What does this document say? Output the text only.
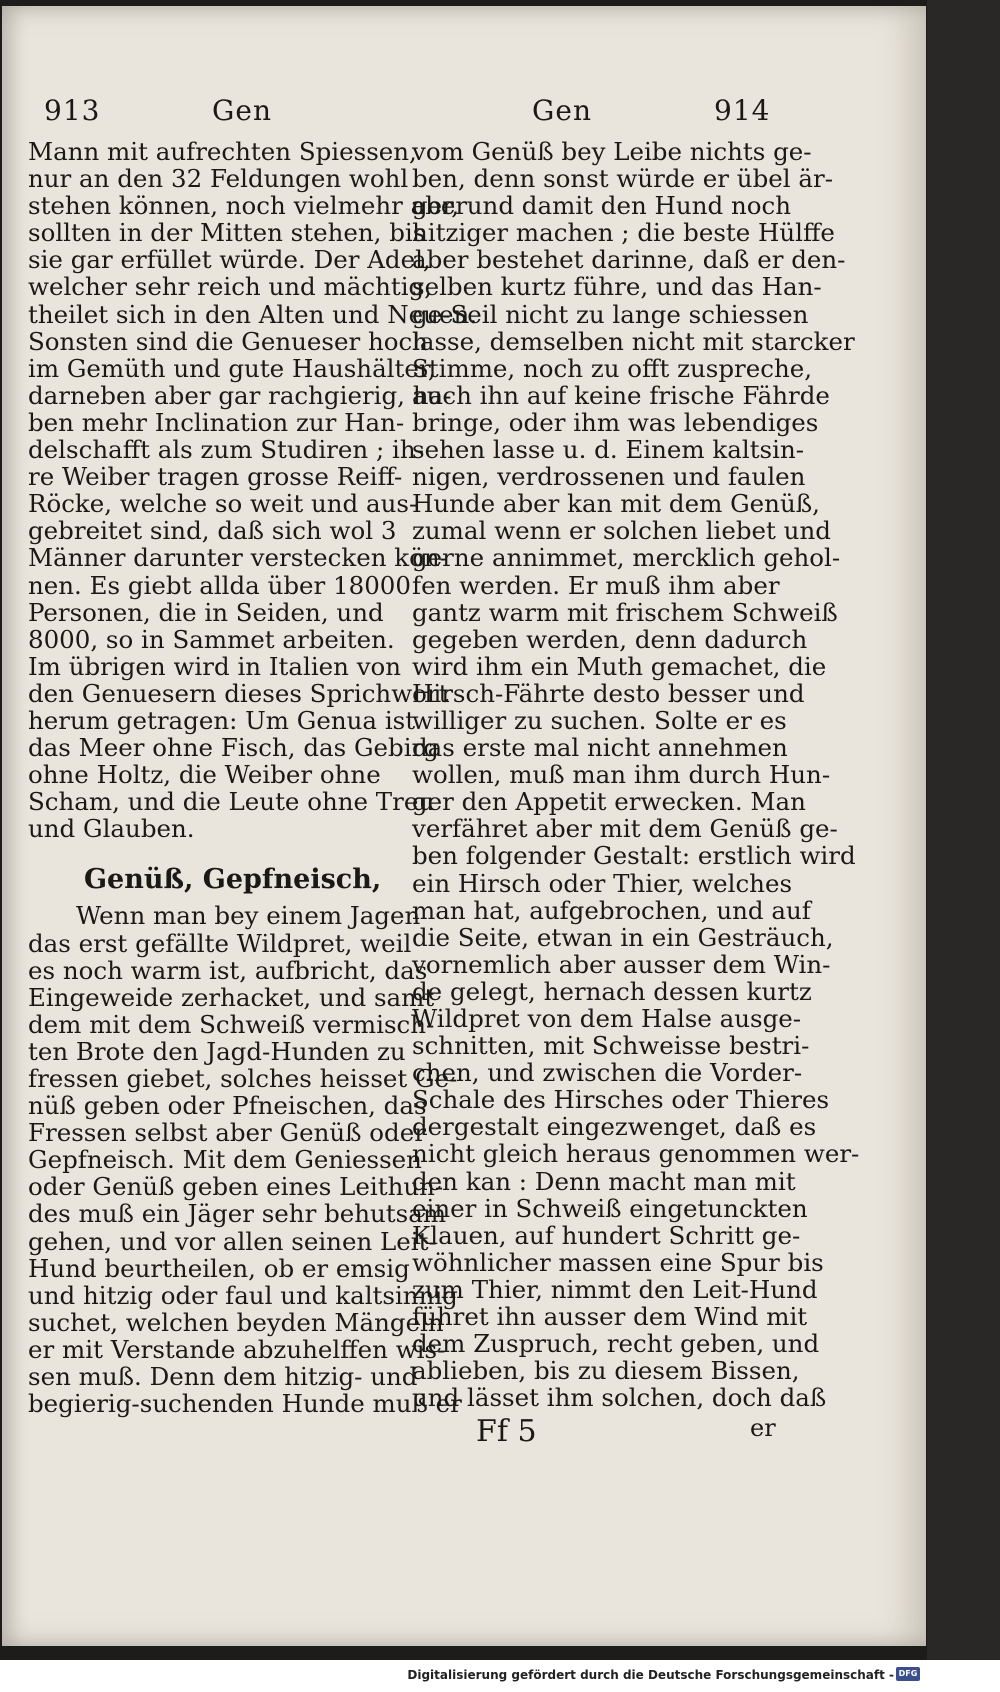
913	Gen	Gen	914
Mann mit aufrechten Spiessen,
nur an den 32 Feldungen wohl
stehen können, noch vielmehr aber
sollten in der Mitten stehen, bis
sie gar erfüllet würde. Der Adel,
welcher sehr reich und mächtig,
theilet sich in den Alten und Neuen.
Sonsten sind die Genueser hoch
im Gemüth und gute Haushälter,
darneben aber gar rachgierig, ha-
ben mehr Inclination zur Han-
delschafft als zum Studiren ; ih-
re Weiber tragen grosse Reiff-
Röcke, welche so weit und aus-
gebreitet sind, daß sich wol 3
Männer darunter verstecken kön-
nen. Es giebt allda über 18000
Personen, die in Seiden, und
8000, so in Sammet arbeiten.
Im übrigen wird in Italien von
den Genuesern dieses Sprichwort
herum getragen: Um Genua ist
das Meer ohne Fisch, das Gebirg
ohne Holtz, die Weiber ohne
Scham, und die Leute ohne Treu
und Glauben.
Genüß, Gepfneisch,
Wenn man bey einem Jagen
das erst gefällte Wildpret, weil
es noch warm ist, aufbricht, das
Eingeweide zerhacket, und samt
dem mit dem Schweiß vermisch-
ten Brote den Jagd-Hunden zu
fressen giebet, solches heisset Ge-
nüß geben oder Pfneischen, das
Fressen selbst aber Genüß oder
Gepfneisch. Mit dem Geniessen
oder Genüß geben eines Leithun-
des muß ein Jäger sehr behutsam
gehen, und vor allen seinen Leit-
Hund beurtheilen, ob er emsig
und hitzig oder faul und kaltsinnig
suchet, welchen beyden Mängeln
er mit Verstande abzuhelffen wis-
sen muß. Denn dem hitzig- und
begierig-suchenden Hunde muß er
vom Genüß bey Leibe nichts ge-
ben, denn sonst würde er übel är-
ger, und damit den Hund noch
hitziger machen ; die beste Hülffe
aber bestehet darinne, daß er den-
selben kurtz führe, und das Han-
ge-Seil nicht zu lange schiessen
lasse, demselben nicht mit starcker
Stimme, noch zu offt zuspreche,
auch ihn auf keine frische Fährde
bringe, oder ihm was lebendiges
sehen lasse u. d. Einem kaltsin-
nigen, verdrossenen und faulen
Hunde aber kan mit dem Genüß,
zumal wenn er solchen liebet und
gerne annimmet, mercklich gehol-
fen werden. Er muß ihm aber
gantz warm mit frischem Schweiß
gegeben werden, denn dadurch
wird ihm ein Muth gemachet, die
Hirsch-Fährte desto besser und
williger zu suchen. Solte er es
das erste mal nicht annehmen
wollen, muß man ihm durch Hun-
ger den Appetit erwecken. Man
verfähret aber mit dem Genüß ge-
ben folgender Gestalt: erstlich wird
ein Hirsch oder Thier, welches
man hat, aufgebrochen, und auf
die Seite, etwan in ein Gesträuch,
vornemlich aber ausser dem Win-
de gelegt, hernach dessen kurtz
Wildpret von dem Halse ausge-
schnitten, mit Schweisse bestri-
chen, und zwischen die Vorder-
Schale des Hirsches oder Thieres
dergestalt eingezwenget, daß es
nicht gleich heraus genommen wer-
den kan : Denn macht man mit
einer in Schweiß eingetunckten
Klauen, auf hundert Schritt ge-
wöhnlicher massen eine Spur bis
zum Thier, nimmt den Leit-Hund
führet ihn ausser dem Wind mit
dem Zuspruch, recht geben, und
ablieben, bis zu diesem Bissen,
und lässet ihm solchen, doch daß
Ff 5	er
Digitalisierung gefördert durch die Deutsche Forschungsgemeinschaft - DFG
